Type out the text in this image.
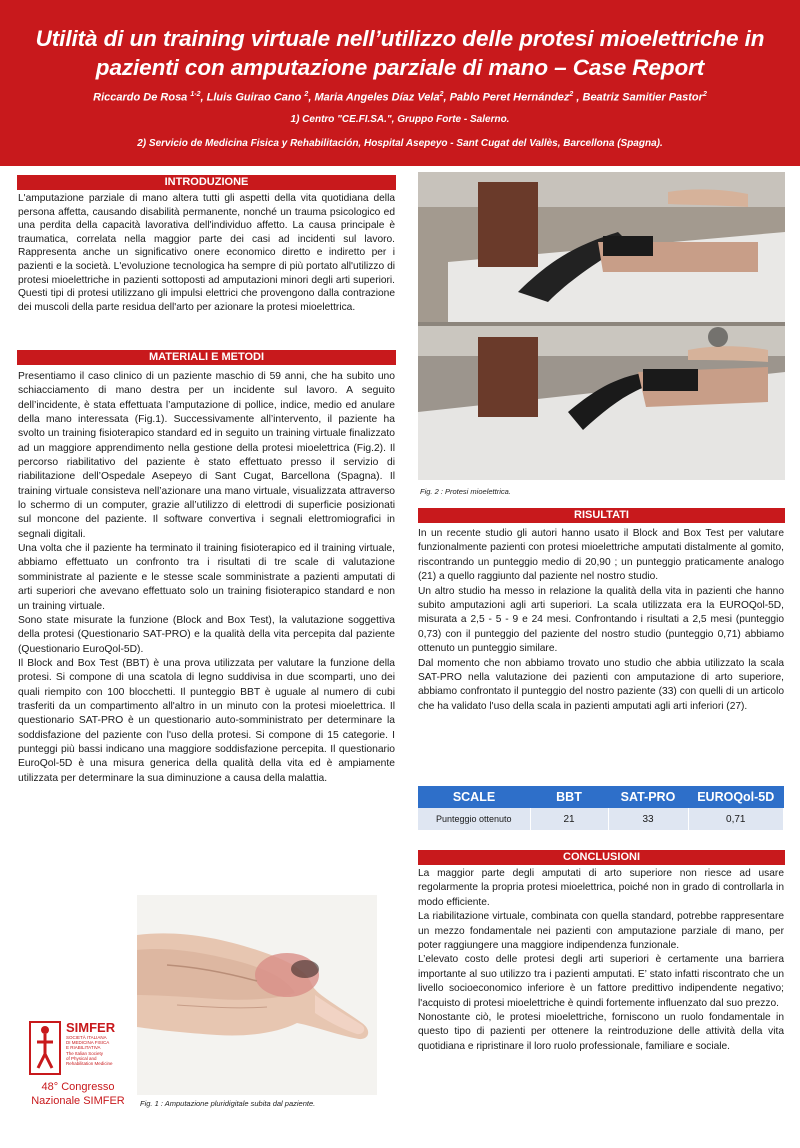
Utilità di un training virtuale nell’utilizzo delle protesi mioelettriche in
pazienti con amputazione parziale di mano – Case Report
Riccardo De Rosa $^{1-2}$, Lluis Guirao Cano $^2$, Maria Angeles Díaz Vela$^2$, Pablo Peret Hernández$^2$ , Beatriz Samitier Pastor$^2$
1) Centro "CE.FI.SA.", Gruppo Forte - Salerno.
2) Servicio de Medicina Fisica y Rehabilitación, Hospital Asepeyo - Sant Cugat del Vallès, Barcellona (Spagna).
INTRODUZIONE

L'amputazione parziale di mano altera tutti gli aspetti della vita quotidiana della persona affetta, causando disabilità permanente, nonché un trauma psicologico ed una perdita della capacità lavorativa dell'individuo affetto. La causa principale è traumatica, correlata nella maggior parte dei casi ad incidenti sul lavoro. Rappresenta anche un significativo onere economico diretto e indiretto per i pazienti e la società. L'evoluzione tecnologica ha sempre di più portato all'utilizzo di protesi mioelettriche in pazienti sottoposti ad amputazioni minori degli arti superiori. Questi tipi di protesi utilizzano gli impulsi elettrici che provengono dalla contrazione dei muscoli della parte residua dell'arto per azionare la protesi mioelettrica.

MATERIALI E METODI

Presentiamo il caso clinico di un paziente maschio di 59 anni, che ha subito uno schiacciamento di mano destra per un incidente sul lavoro. A seguito dell’incidente, è stata effettuata l’amputazione di pollice, indice, medio ed anulare della mano interessata (Fig.1). Successivamente all’intervento, il paziente ha svolto un training fisioterapico standard ed in seguito un training virtuale finalizzato ad un maggiore apprendimento nella gestione della protesi mioelettrica (Fig.2). Il percorso riabilitativo del paziente è stato effettuato presso il servizio di riabilitazione dell’Ospedale Asepeyo di Sant Cugat, Barcellona (Spagna). Il training virtuale consisteva nell’azionare una mano virtuale, visualizzata attraverso lo schermo di un computer, grazie all’utilizzo di elettrodi di superficie posizionati sul moncone del paziente. Il software convertiva i segnali elettromiografici in segnali digitali.

Una volta che il paziente ha terminato il training fisioterapico ed il training virtuale, abbiamo effettuato un confronto tra i risultati di tre scale di valutazione somministrate al paziente e le stesse scale somministrate a pazienti amputati di arti superiori che avevano effettuato solo un training fisioterapico standard e non un training virtuale.

Sono state misurate la funzione (Block and Box Test), la valutazione soggettiva della protesi (Questionario SAT-PRO) e la qualità della vita percepita dal paziente (Questionario EuroQol-5D).

Il Block and Box Test (BBT) è una prova utilizzata per valutare la funzione della protesi. Si compone di una scatola di legno suddivisa in due scomparti, uno dei quali riempito con 100 blocchetti. Il punteggio BBT è uguale al numero di cubi trasferiti da un compartimento all'altro in un minuto con la protesi mioelettrica. Il questionario SAT-PRO è un questionario auto-somministrato per determinare la soddisfazione del paziente con l'uso della protesi. Si compone di 15 categorie. I punteggi più bassi indicano una maggiore soddisfazione percepita. Il questionario EuroQol-5D è una misura generica della qualità della vita ed è ampiamente utilizzata per determinare la sua diminuzione a causa della malattia.

Fig. 1 : Amputazione pluridigitale subita dal paziente.
SIMFER
SOCIETÀ ITALIANA
DI MEDICINA FISICA
E RIABILITATIVA
The Italian Society
of Physical and
Rehabilitation Medicine
48° Congresso
Nazionale SIMFER
Fig. 2 : Protesi mioelettrica.
RISULTATI

In un recente studio gli autori hanno usato il Block and Box Test per valutare funzionalmente pazienti con protesi mioelettriche amputati distalmente al gomito, riscontrando un punteggio medio di 20,90 ; un punteggio praticamente analogo (21) a quello raggiunto dal paziente nel nostro studio.

Un altro studio ha messo in relazione la qualità della vita in pazienti che hanno subito amputazioni agli arti superiori. La scala utilizzata era la EUROQol-5D, misurata a 2,5 - 5 - 9 e 24 mesi. Confrontando i risultati a 2,5 mesi (punteggio 0,73) con il punteggio del paziente del nostro studio (punteggio 0,71) abbiamo ottenuto un punteggio similare.

Dal momento che non abbiamo trovato uno studio che abbia utilizzato la scala SAT-PRO nella valutazione dei pazienti con amputazione di arto superiore, abbiamo confrontato il punteggio del nostro paziente (33) con quelli di un articolo che ha validato l'uso della scala in pazienti amputati agli arti inferiori (27).

SCALE	BBT	SAT-PRO	EUROQol-5D
Punteggio ottenuto	21	33	0,71
CONCLUSIONI

La maggior parte degli amputati di arto superiore non riesce ad usare regolarmente la propria protesi mioelettrica, poiché non in grado di controllarla in modo efficiente.

La riabilitazione virtuale, combinata con quella standard, potrebbe rappresentare un mezzo fondamentale nei pazienti con amputazione parziale di mano, per poter raggiungere una maggiore indipendenza funzionale.

L’elevato costo delle protesi degli arti superiori è certamente una barriera importante al suo utilizzo tra i pazienti amputati. E’ stato infatti riscontrato che un livello socioeconomico inferiore è un fattore predittivo indipendente negativo; l'acquisto di protesi mioelettriche è quindi fortemente influenzato dal suo prezzo.

Nonostante ciò, le protesi mioelettriche, forniscono un ruolo fondamentale in questo tipo di pazienti per ottenere la reintroduzione delle attività della vita quotidiana e ripristinare il loro ruolo professionale, familiare e sociale.
